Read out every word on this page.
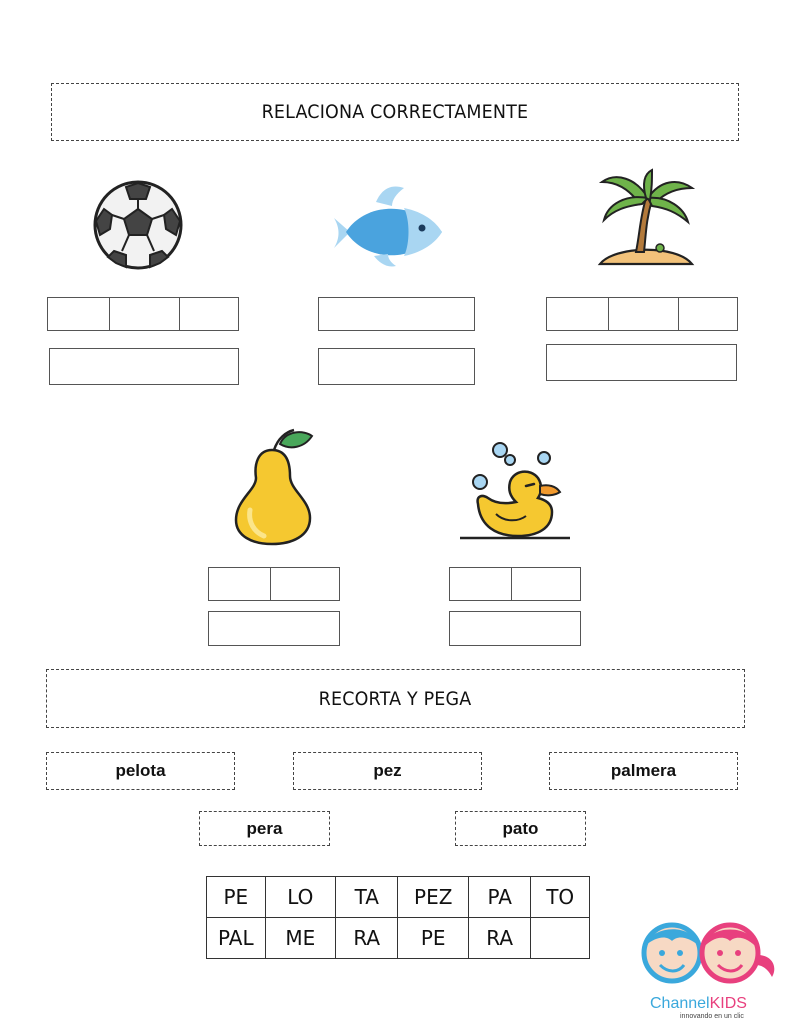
RELACIONA CORRECTAMENTE
RECORTA Y PEGA
pelota	pez	palmera
pera	pato
PE	LO	TA	PEZ	PA	TO
PAL	ME	RA	PE	RA	
ChannelKIDS
innovando en un clic
